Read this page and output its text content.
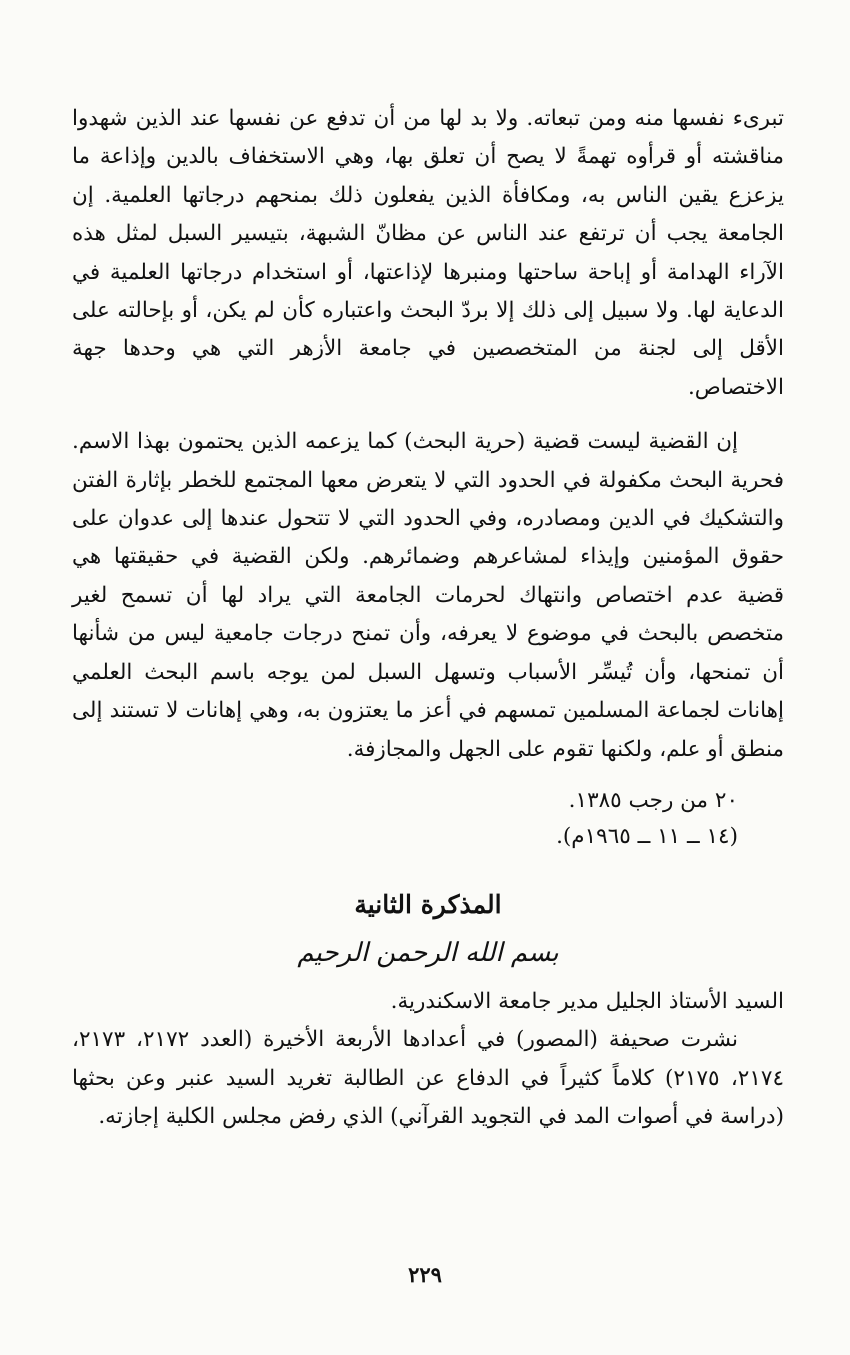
تبرىء نفسها منه ومن تبعاته. ولا بد لها من أن تدفع عن نفسها عند الذين شهدوا مناقشته أو قرأوه تهمةً لا يصح أن تعلق بها، وهي الاستخفاف بالدين وإذاعة ما يزعزع يقين الناس به، ومكافأة الذين يفعلون ذلك بمنحهم درجاتها العلمية. إن الجامعة يجب أن ترتفع عند الناس عن مظانّ الشبهة، بتيسير السبل لمثل هذه الآراء الهدامة أو إباحة ساحتها ومنبرها لإذاعتها، أو استخدام درجاتها العلمية في الدعاية لها. ولا سبيل إلى ذلك إلا بردّ البحث واعتباره كأن لم يكن، أو بإحالته على الأقل إلى لجنة من المتخصصين في جامعة الأزهر التي هي وحدها جهة الاختصاص.

إن القضية ليست قضية (حرية البحث) كما يزعمه الذين يحتمون بهذا الاسم. فحرية البحث مكفولة في الحدود التي لا يتعرض معها المجتمع للخطر بإثارة الفتن والتشكيك في الدين ومصادره، وفي الحدود التي لا تتحول عندها إلى عدوان على حقوق المؤمنين وإيذاء لمشاعرهم وضمائرهم. ولكن القضية في حقيقتها هي قضية عدم اختصاص وانتهاك لحرمات الجامعة التي يراد لها أن تسمح لغير متخصص بالبحث في موضوع لا يعرفه، وأن تمنح درجات جامعية ليس من شأنها أن تمنحها، وأن تُيسِّر الأسباب وتسهل السبل لمن يوجه باسم البحث العلمي إهانات لجماعة المسلمين تمسهم في أعز ما يعتزون به، وهي إهانات لا تستند إلى منطق أو علم، ولكنها تقوم على الجهل والمجازفة.

٢٠ من رجب ١٣٨٥.
(١٤ ــ ١١ ــ ١٩٦٥م).
المذكرة الثانية
بسم الله الرحمن الرحيم
السيد الأستاذ الجليل مدير جامعة الاسكندرية.

نشرت صحيفة (المصور) في أعدادها الأربعة الأخيرة (العدد ٢١٧٢، ٢١٧٣، ٢١٧٤، ٢١٧٥) كلاماً كثيراً في الدفاع عن الطالبة تغريد السيد عنبر وعن بحثها (دراسة في أصوات المد في التجويد القرآني) الذي رفض مجلس الكلية إجازته.

٢٢٩
